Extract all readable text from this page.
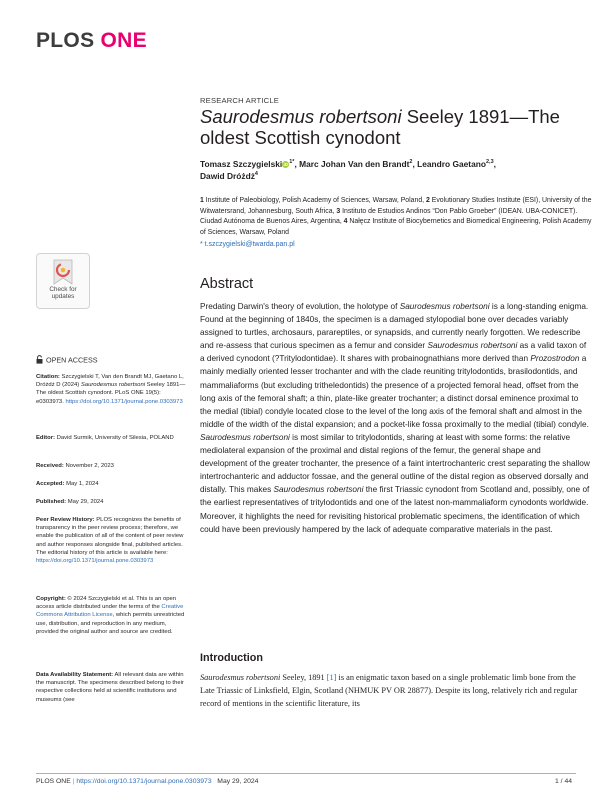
PLOS ONE
RESEARCH ARTICLE
Saurodesmus robertsoni Seeley 1891—The oldest Scottish cynodont
Tomasz SzczygielskiiD$^{1*}$, Marc Johan Van den Brandt$^2$, Leandro Gaetano$^{2,3}$,
Dawid Dróżdż$^4$
1 Institute of Paleobiology, Polish Academy of Sciences, Warsaw, Poland, 2 Evolutionary Studies Institute (ESI), University of the Witwatersrand, Johannesburg, South Africa, 3 Instituto de Estudios Andinos “Don Pablo Groeber” (IDEAN. UBA-CONICET). Ciudad Autónoma de Buenos Aires, Argentina, 4 Nałęcz Institute of Biocybernetics and Biomedical Engineering, Polish Academy of Sciences, Warsaw, Poland
* t.szczygielski@twarda.pan.pl
Check for
updates
OPEN ACCESS
Citation: Szczygielski T, Van den Brandt MJ, Gaetano L, Dróżdż D (2024) Saurodesmus robertsoni Seeley 1891—The oldest Scottish cynodont. PLoS ONE 19(5): e0303973. https://doi.org/10.1371/journal.pone.0303973
Editor: David Surmik, University of Silesia, POLAND
Received: November 2, 2023
Accepted: May 1, 2024
Published: May 29, 2024
Peer Review History: PLOS recognizes the benefits of transparency in the peer review process; therefore, we enable the publication of all of the content of peer review and author responses alongside final, published articles. The editorial history of this article is available here: https://doi.org/10.1371/journal.pone.0303973
Copyright: © 2024 Szczygielski et al. This is an open access article distributed under the terms of the Creative Commons Attribution License, which permits unrestricted use, distribution, and reproduction in any medium, provided the original author and source are credited.
Data Availability Statement: All relevant data are within the manuscript. The specimens described belong to their respective collections held at scientific institutions and museums (see
Abstract
Predating Darwin's theory of evolution, the holotype of Saurodesmus robertsoni is a long-standing enigma. Found at the beginning of 1840s, the specimen is a damaged stylopodial bone over decades variably assigned to turtles, archosaurs, parareptiles, or synapsids, and currently nearly forgotten. We redescribe and re-assess that curious specimen as a femur and consider Saurodesmus robertsoni as a valid taxon of a derived cynodont (?Tritylodontidae). It shares with probainognathians more derived than Prozostrodon a mainly medially oriented lesser trochanter and with the clade reuniting tritylodontids, brasilodontids, and mammaliaforms (but excluding tritheledontids) the presence of a projected femoral head, offset from the long axis of the femoral shaft; a thin, plate-like greater trochanter; a distinct dorsal eminence proximal to the medial (tibial) condyle located close to the level of the long axis of the femoral shaft and almost in the middle of the width of the distal expansion; and a pocket-like fossa proximally to the medial (tibial) condyle. Saurodesmus robertsoni is most similar to tritylodontids, sharing at least with some forms: the relative mediolateral expansion of the proximal and distal regions of the femur, the general shape and development of the greater trochanter, the presence of a faint intertrochanteric crest separating the shallow intertrochanteric and adductor fossae, and the general outline of the distal region as observed dorsally and distally. This makes Saurodesmus robertsoni the first Triassic cynodont from Scotland and, possibly, one of the earliest representatives of tritylodontids and one of the latest non-mammaliaform cynodonts worldwide. Moreover, it highlights the need for revisiting historical problematic specimens, the identification of which could have been previously hampered by the lack of adequate comparative materials in the past.
Introduction
Saurodesmus robertsoni Seeley, 1891 [1] is an enigmatic taxon based on a single problematic limb bone from the Late Triassic of Linksfield, Elgin, Scotland (NHMUK PV OR 28877). Despite its long, relatively rich and regular record of mentions in the scientific literature, its
PLOS ONE | https://doi.org/10.1371/journal.pone.0303973 May 29, 2024	1 / 44
